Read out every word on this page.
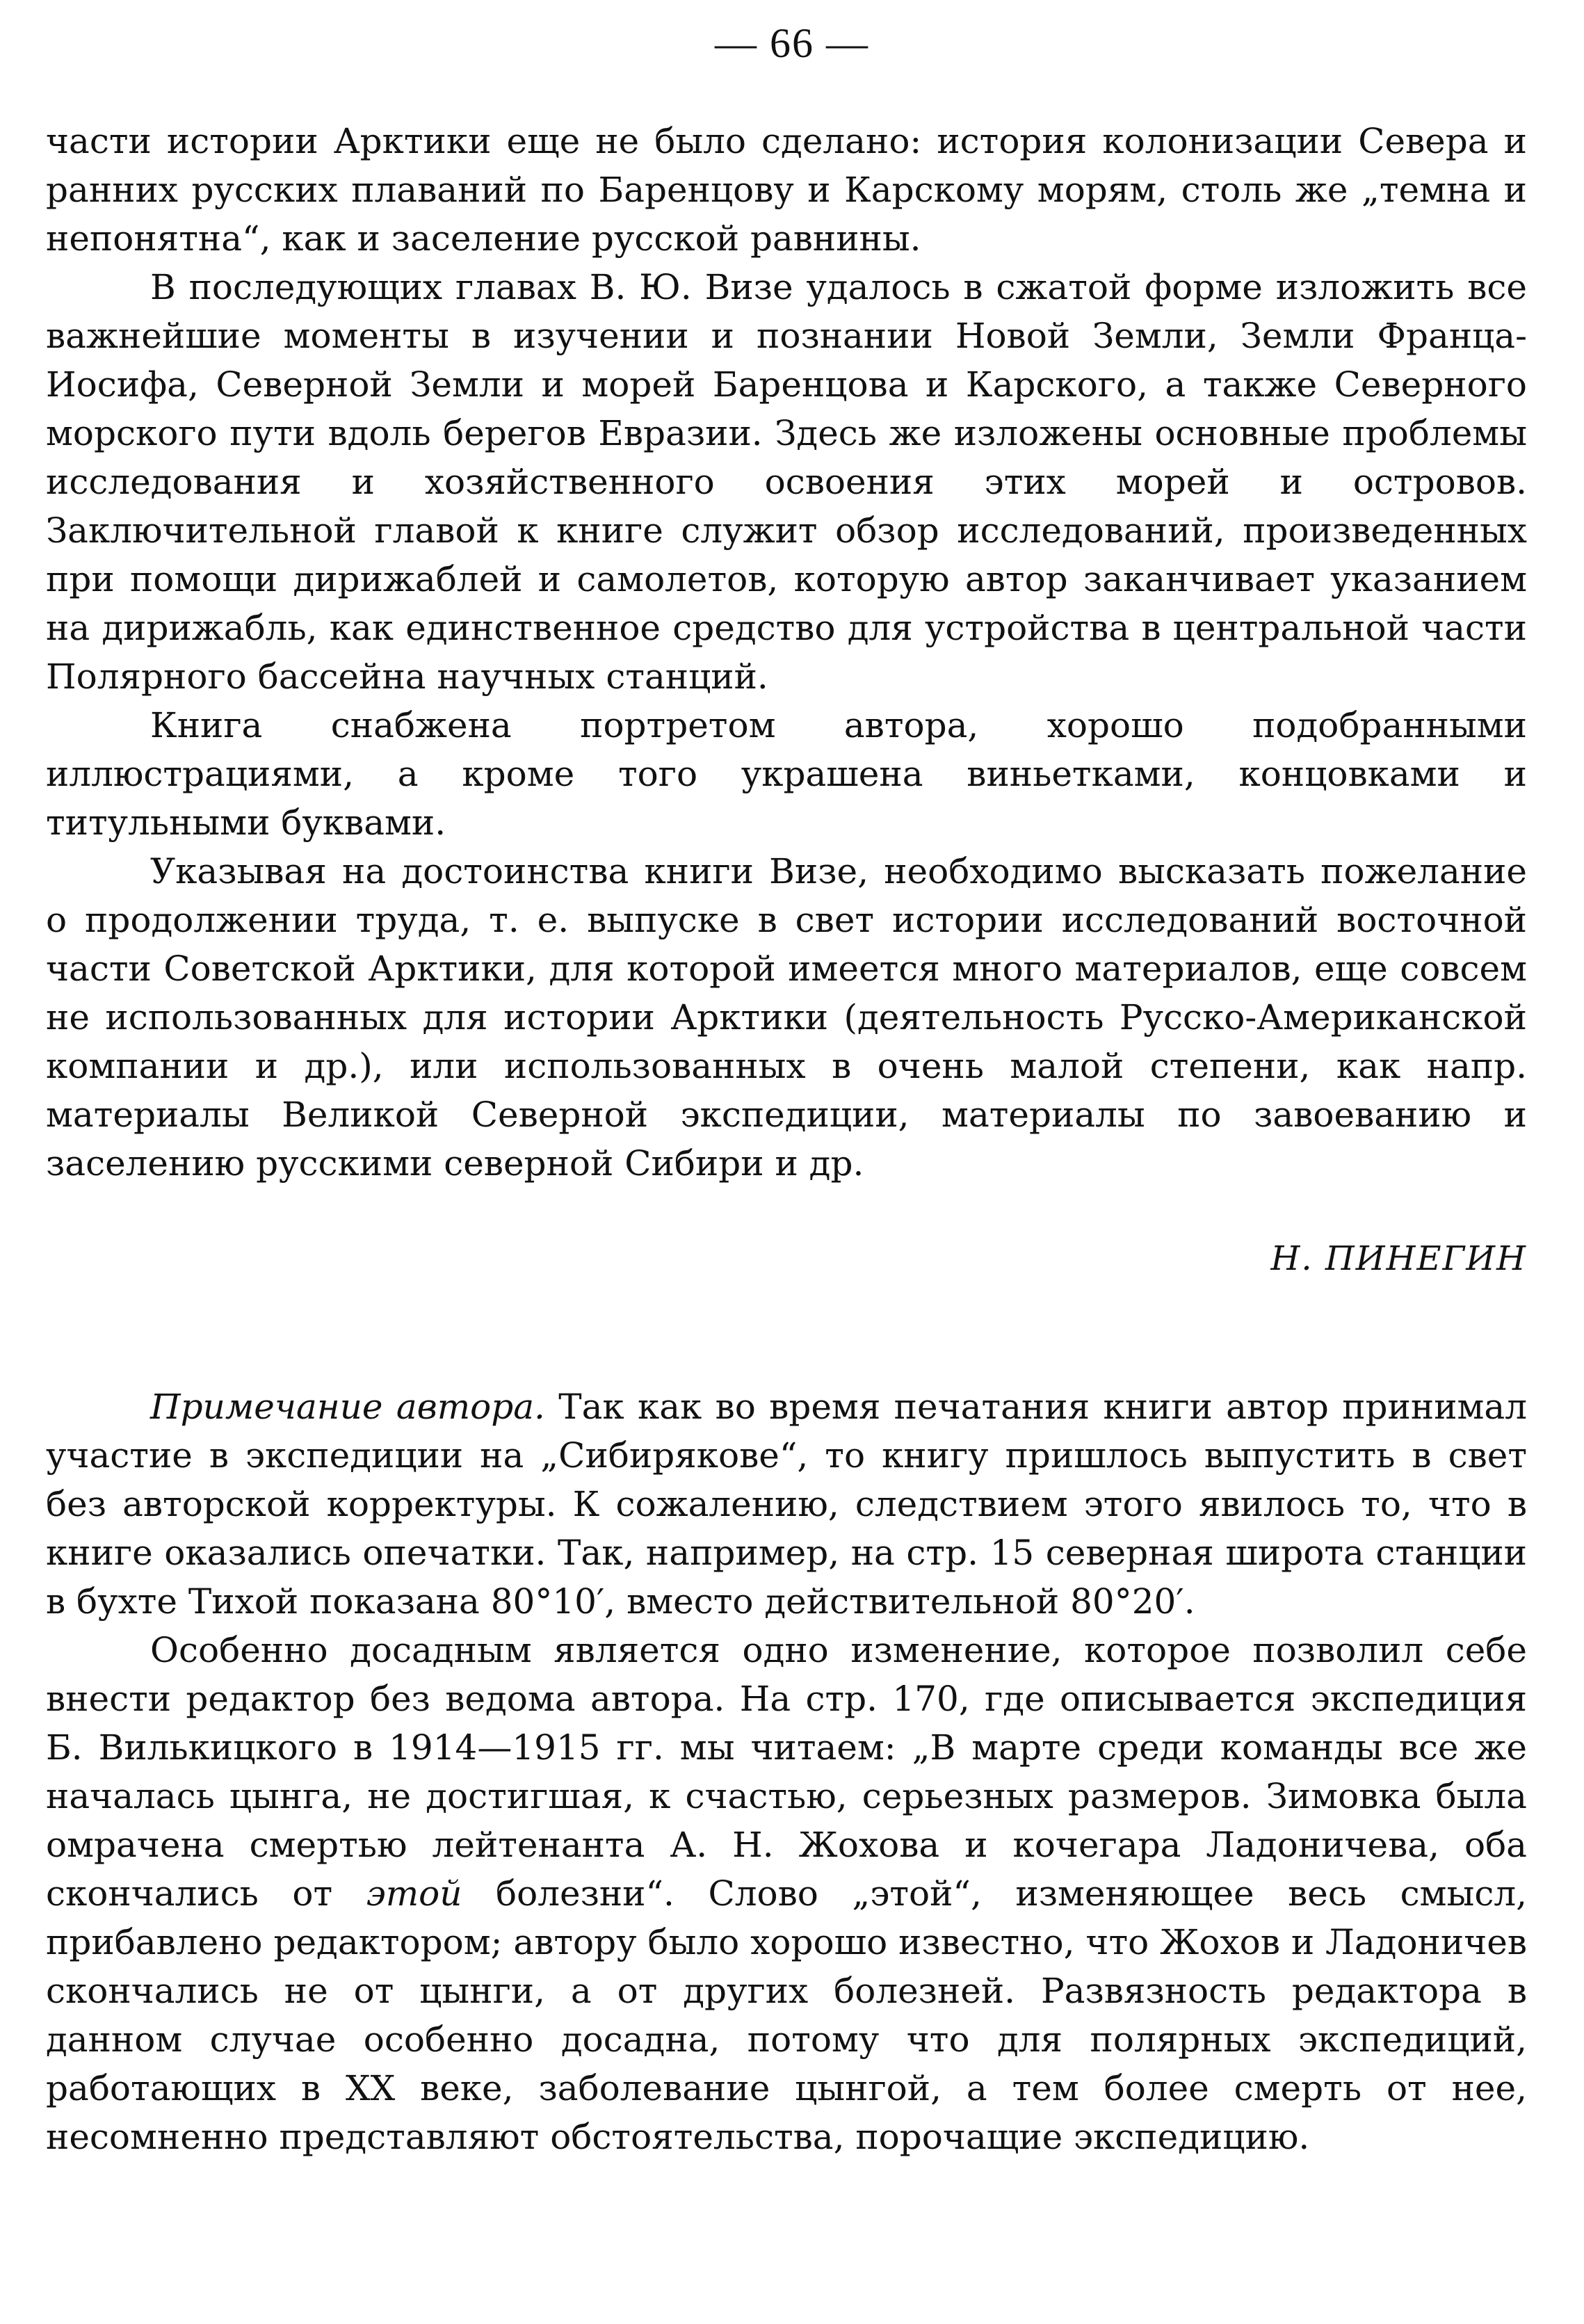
— 66 —

части истории Арктики еще не было сделано: история колонизации Севера и ранних русских плаваний по Баренцову и Карскому морям, столь же „темна и непонятна“, как и заселение русской равнины.

В последующих главах В. Ю. Визе удалось в сжатой форме изложить все важнейшие моменты в изучении и познании Новой Земли, Земли Франца-Иосифа, Северной Земли и морей Баренцова и Карского, а также Северного морского пути вдоль берегов Евразии. Здесь же изложены основные проблемы исследования и хозяйственного освоения этих морей и островов. Заключительной главой к книге служит обзор исследований, произведенных при помощи дирижаблей и самолетов, которую автор заканчивает указанием на дирижабль, как единственное средство для устройства в центральной части Полярного бассейна научных станций.

Книга снабжена портретом автора, хорошо подобранными иллюстрациями, а кроме того украшена виньетками, концовками и титульными буквами.

Указывая на достоинства книги Визе, необходимо высказать пожелание о продолжении труда, т. е. выпуске в свет истории исследований восточной части Советской Арктики, для которой имеется много материалов, еще совсем не использованных для истории Арктики (деятельность Русско-Американской компании и др.), или использованных в очень малой степени, как напр. материалы Великой Северной экспедиции, материалы по завоеванию и заселению русскими северной Сибири и др.

Н. ПИНЕГИН

Примечание автора. Так как во время печатания книги автор принимал участие в экспедиции на „Сибирякове“, то книгу пришлось выпустить в свет без авторской корректуры. К сожалению, следствием этого явилось то, что в книге оказались опечатки. Так, например, на стр. 15 северная широта станции в бухте Тихой показана 80°10′, вместо действительной 80°20′.

Особенно досадным является одно изменение, которое позволил себе внести редактор без ведома автора. На стр. 170, где описывается экспедиция Б. Вилькицкого в 1914—1915 гг. мы читаем: „В марте среди команды все же началась цынга, не достигшая, к счастью, серьезных размеров. Зимовка была омрачена смертью лейтенанта А. Н. Жохова и кочегара Ладоничева, оба скончались от этой болезни“. Слово „этой“, изменяющее весь смысл, прибавлено редактором; автору было хорошо известно, что Жохов и Ладоничев скончались не от цынги, а от других болезней. Развязность редактора в данном случае особенно досадна, потому что для полярных экспедиций, работающих в XX веке, заболевание цынгой, а тем более смерть от нее, несомненно представляют обстоятельства, порочащие экспедицию.
